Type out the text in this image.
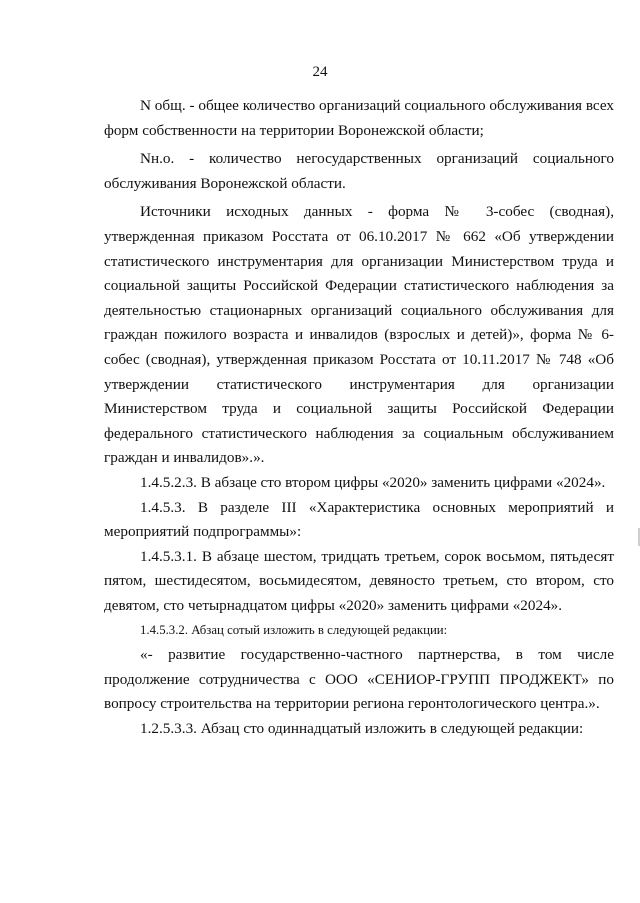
24

N общ. - общее количество организаций социального обслуживания всех форм собственности на территории Воронежской области;

Nн.о. - количество негосударственных организаций социального обслуживания Воронежской области.

Источники исходных данных - форма № 3-собес (сводная), утвержденная приказом Росстата от 06.10.2017 № 662 «Об утверждении статистического инструментария для организации Министерством труда и социальной защиты Российской Федерации статистического наблюдения за деятельностью стационарных организаций социального обслуживания для граждан пожилого возраста и инвалидов (взрослых и детей)», форма № 6-собес (сводная), утвержденная приказом Росстата от 10.11.2017 № 748 «Об утверждении статистического инструментария для организации Министерством труда и социальной защиты Российской Федерации федерального статистического наблюдения за социальным обслуживанием граждан и инвалидов».».

1.4.5.2.3. В абзаце сто втором цифры «2020» заменить цифрами «2024».

1.4.5.3. В разделе III «Характеристика основных мероприятий и мероприятий подпрограммы»:

1.4.5.3.1. В абзаце шестом, тридцать третьем, сорок восьмом, пятьдесят пятом, шестидесятом, восьмидесятом, девяносто третьем, сто втором, сто девятом, сто четырнадцатом цифры «2020» заменить цифрами «2024».

1.4.5.3.2. Абзац сотый изложить в следующей редакции:

«- развитие государственно-частного партнерства, в том числе продолжение сотрудничества с ООО «СЕНИОР-ГРУПП ПРОДЖЕКТ» по вопросу строительства на территории региона геронтологического центра.».

1.2.5.3.3. Абзац сто одиннадцатый изложить в следующей редакции:
